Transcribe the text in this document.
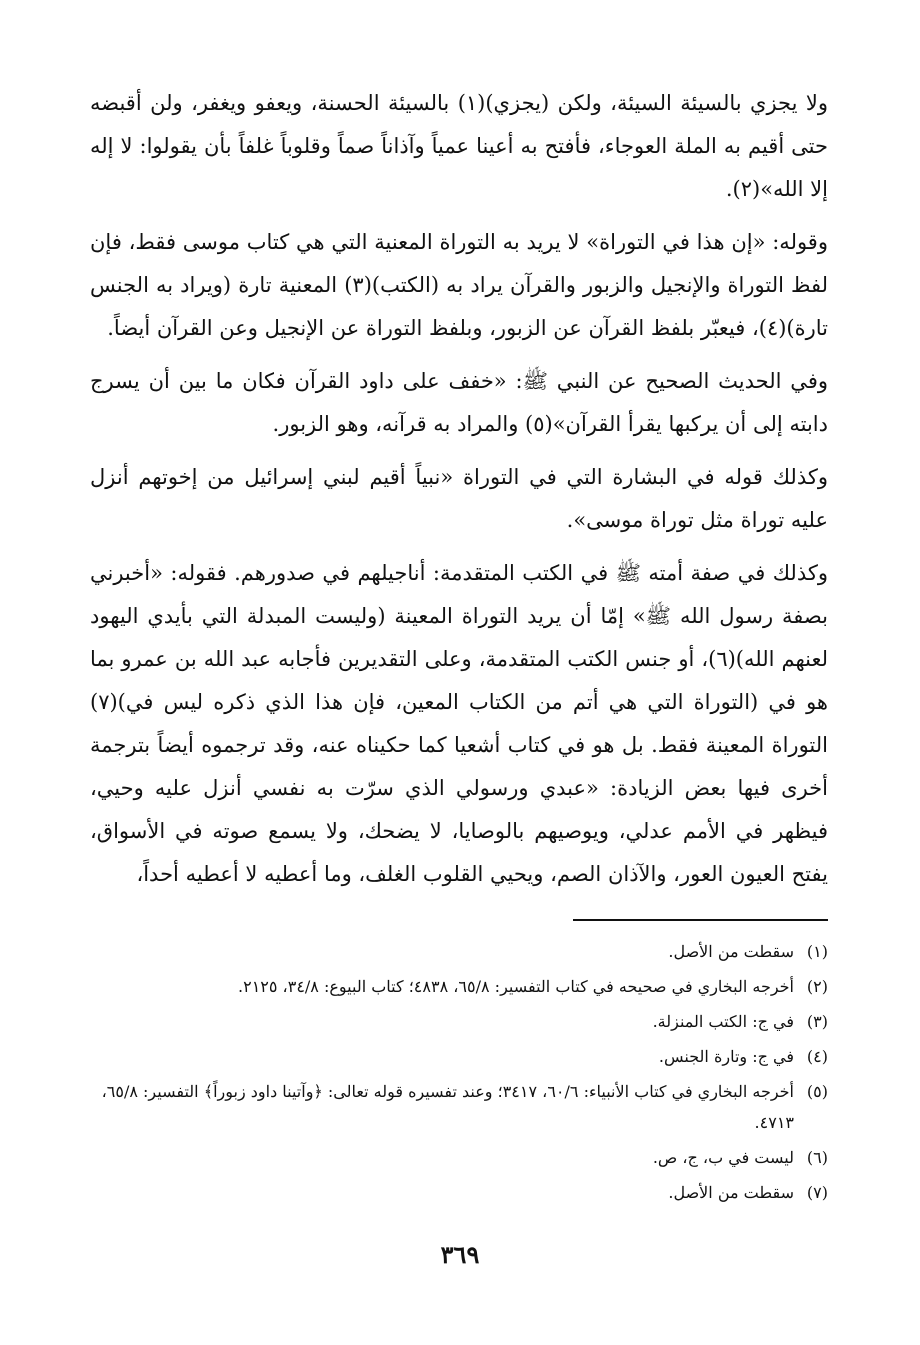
ولا يجزي بالسيئة السيئة، ولكن (يجزي)(١) بالسيئة الحسنة، ويعفو ويغفر، ولن أقبضه حتى أقيم به الملة العوجاء، فأفتح به أعينا عمياً وآذاناً صماً وقلوباً غلفاً بأن يقولوا: لا إله إلا الله»(٢).

وقوله: «إن هذا في التوراة» لا يريد به التوراة المعنية التي هي كتاب موسى فقط، فإن لفظ التوراة والإنجيل والزبور والقرآن يراد به (الكتب)(٣) المعنية تارة (ويراد به الجنس تارة)(٤)، فيعبّر بلفظ القرآن عن الزبور، وبلفظ التوراة عن الإنجيل وعن القرآن أيضاً.

وفي الحديث الصحيح عن النبي ﷺ: «خفف على داود القرآن فكان ما بين أن يسرج دابته إلى أن يركبها يقرأ القرآن»(٥) والمراد به قرآنه، وهو الزبور.

وكذلك قوله في البشارة التي في التوراة «نبياً أقيم لبني إسرائيل من إخوتهم أنزل عليه توراة مثل توراة موسى».

وكذلك في صفة أمته ﷺ في الكتب المتقدمة: أناجيلهم في صدورهم. فقوله: «أخبرني بصفة رسول الله ﷺ» إمّا أن يريد التوراة المعينة (وليست المبدلة التي بأيدي اليهود لعنهم الله)(٦)، أو جنس الكتب المتقدمة، وعلى التقديرين فأجابه عبد الله بن عمرو بما هو في (التوراة التي هي أتم من الكتاب المعين، فإن هذا الذي ذكره ليس في)(٧) التوراة المعينة فقط. بل هو في كتاب أشعيا كما حكيناه عنه، وقد ترجموه أيضاً بترجمة أخرى فيها بعض الزيادة: «عبدي ورسولي الذي سرّت به نفسي أنزل عليه وحيي، فيظهر في الأمم عدلي، ويوصيهم بالوصايا، لا يضحك، ولا يسمع صوته في الأسواق، يفتح العيون العور، والآذان الصم، ويحيي القلوب الغلف، وما أعطيه لا أعطيه أحداً،

(١)
سقطت من الأصل.
(٢)
أخرجه البخاري في صحيحه في كتاب التفسير: ٦٥/٨، ٤٨٣٨؛ كتاب البيوع: ٣٤/٨، ٢١٢٥.
(٣)
في ج: الكتب المنزلة.
(٤)
في ج: وتارة الجنس.
(٥)
أخرجه البخاري في كتاب الأنبياء: ٦٠/٦، ٣٤١٧؛ وعند تفسيره قوله تعالى: ﴿وآتينا داود زبوراً﴾ التفسير: ٦٥/٨، ٤٧١٣.
(٦)
ليست في ب، ج، ص.
(٧)
سقطت من الأصل.
٣٦٩
